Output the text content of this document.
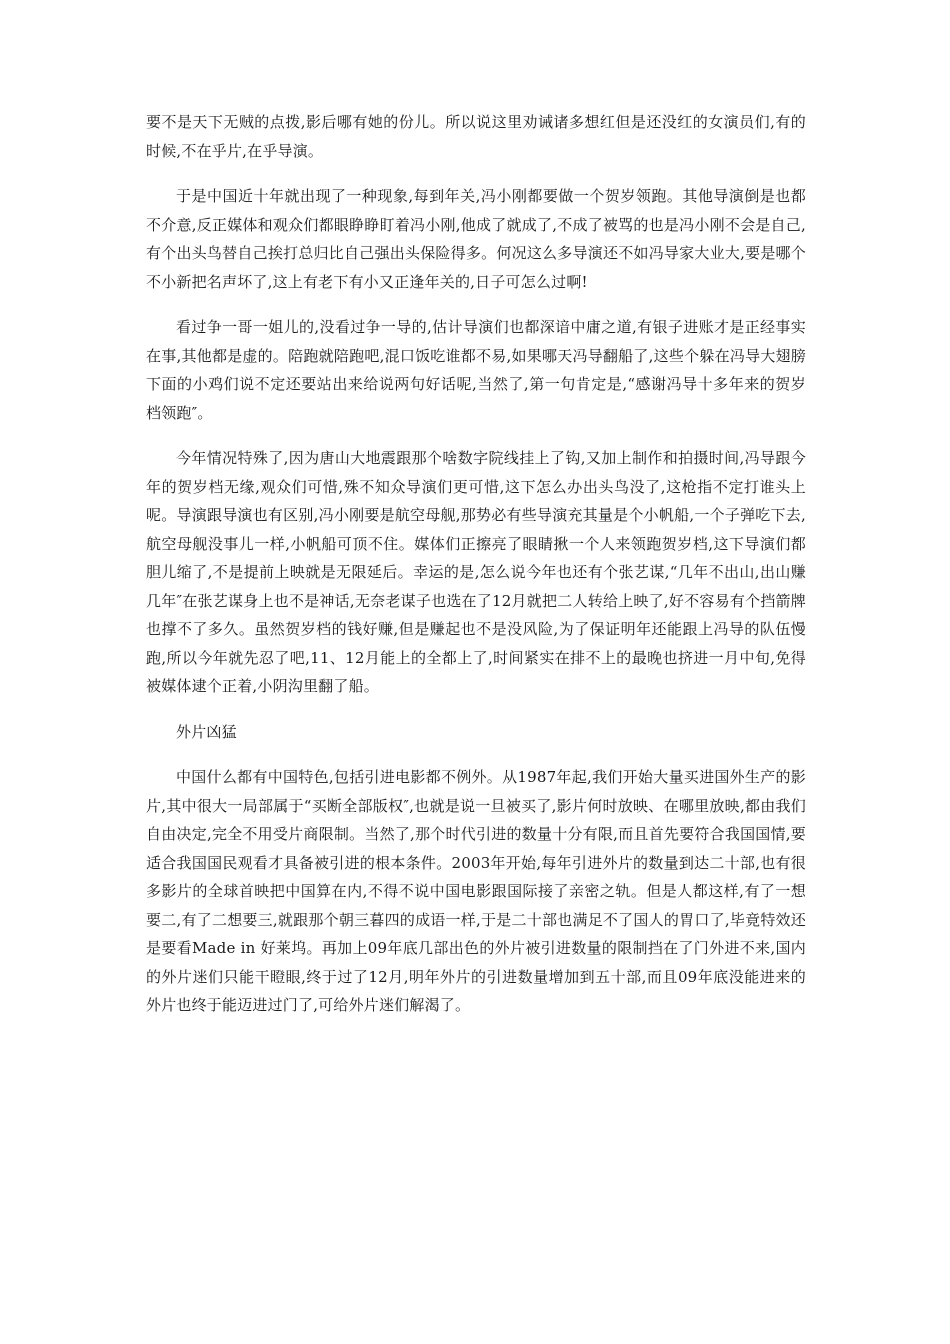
要不是天下无贼的点拨,影后哪有她的份儿。所以说这里劝诫诸多想红但是还没红的女演员们,有的时候,不在乎片,在乎导演。

于是中国近十年就出现了一种现象,每到年关,冯小刚都要做一个贺岁领跑。其他导演倒是也都不介意,反正媒体和观众们都眼睁睁盯着冯小刚,他成了就成了,不成了被骂的也是冯小刚不会是自己,有个出头鸟替自己挨打总归比自己强出头保险得多。何况这么多导演还不如冯导家大业大,要是哪个不小新把名声坏了,这上有老下有小又正逢年关的,日子可怎么过啊!

看过争一哥一姐儿的,没看过争一导的,估计导演们也都深谙中庸之道,有银子进账才是正经事实在事,其他都是虚的。陪跑就陪跑吧,混口饭吃谁都不易,如果哪天冯导翻船了,这些个躲在冯导大翅膀下面的小鸡们说不定还要站出来给说两句好话呢,当然了,第一句肯定是,“感谢冯导十多年来的贺岁档领跑″。

今年情况特殊了,因为唐山大地震跟那个啥数字院线挂上了钩,又加上制作和拍摄时间,冯导跟今年的贺岁档无缘,观众们可惜,殊不知众导演们更可惜,这下怎么办出头鸟没了,这枪指不定打谁头上呢。导演跟导演也有区别,冯小刚要是航空母舰,那势必有些导演充其量是个小帆船,一个子弹吃下去,航空母舰没事儿一样,小帆船可顶不住。媒体们正擦亮了眼睛揪一个人来领跑贺岁档,这下导演们都胆儿缩了,不是提前上映就是无限延后。幸运的是,怎么说今年也还有个张艺谋,“几年不出山,出山赚几年″在张艺谋身上也不是神话,无奈老谋子也选在了12月就把二人转给上映了,好不容易有个挡箭牌也撑不了多久。虽然贺岁档的钱好赚,但是赚起也不是没风险,为了保证明年还能跟上冯导的队伍慢跑,所以今年就先忍了吧,11、12月能上的全都上了,时间紧实在排不上的最晚也挤进一月中旬,免得被媒体逮个正着,小阴沟里翻了船。

外片凶猛

中国什么都有中国特色,包括引进电影都不例外。从1987年起,我们开始大量买进国外生产的影片,其中很大一局部属于“买断全部版权″,也就是说一旦被买了,影片何时放映、在哪里放映,都由我们自由决定,完全不用受片商限制。当然了,那个时代引进的数量十分有限,而且首先要符合我国国情,要适合我国国民观看才具备被引进的根本条件。2003年开始,每年引进外片的数量到达二十部,也有很多影片的全球首映把中国算在内,不得不说中国电影跟国际接了亲密之轨。但是人都这样,有了一想要二,有了二想要三,就跟那个朝三暮四的成语一样,于是二十部也满足不了国人的胃口了,毕竟特效还是要看Made in 好莱坞。再加上09年底几部出色的外片被引进数量的限制挡在了门外进不来,国内的外片迷们只能干瞪眼,终于过了12月,明年外片的引进数量增加到五十部,而且09年底没能进来的外片也终于能迈进过门了,可给外片迷们解渴了。
